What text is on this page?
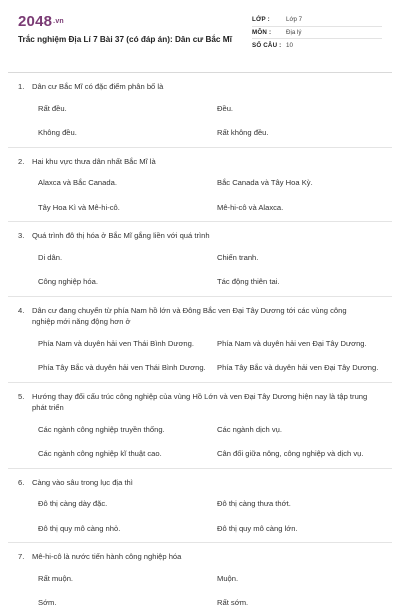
2048.vn
Trắc nghiệm Địa Lí 7 Bài 37 (có đáp án): Dân cư Bắc Mĩ
LỚP :	Lớp 7
MÔN :	Địa lý
SỐ CÂU : 10
1.	Dân cư Bắc Mĩ có đặc điểm phân bố là
Rất đều.	Đều.
Không đều.	Rất không đều.
2.	Hai khu vực thưa dân nhất Bắc Mĩ là
Alaxca và Bắc Canada.	Bắc Canada và Tây Hoa Kỳ.
Tây Hoa Kì và Mê-hi-cô.	Mê-hi-cô và Alaxca.
3.	Quá trình đô thị hóa ở Bắc Mĩ gắng liền với quá trình
Di dân.	Chiến tranh.
Công nghiệp hóa.	Tác động thiên tai.
4.	Dân cư đang chuyển từ phía Nam hồ lớn và Đông Bắc ven Đại Tây Dương tới các vùng công nghiệp mới năng động hơn ở
Phía Nam và duyên hải ven Thái Bình Dương.	Phía Nam và duyên hải ven Đại Tây Dương.
Phía Tây Bắc và duyên hải ven Thái Bình Dương.	Phía Tây Bắc và duyên hải ven Đại Tây Dương.
5.	Hướng thay đổi cấu trúc công nghiệp của vùng Hồ Lớn và ven Đại Tây Dương hiện nay là tập trung phát triển
Các ngành công nghiệp truyền thống.	Các ngành dịch vụ.
Các ngành công nghiệp kĩ thuật cao.	Cân đối giữa nông, công nghiệp và dịch vụ.
6.	Càng vào sâu trong lục địa thì
Đô thị càng dày đặc.	Đô thị càng thưa thớt.
Đô thị quy mô càng nhỏ.	Đô thị quy mô càng lớn.
7.	Mê-hi-cô là nước tiến hành công nghiệp hóa
Rất muộn.	Muộn.
Sớm.	Rất sớm.
